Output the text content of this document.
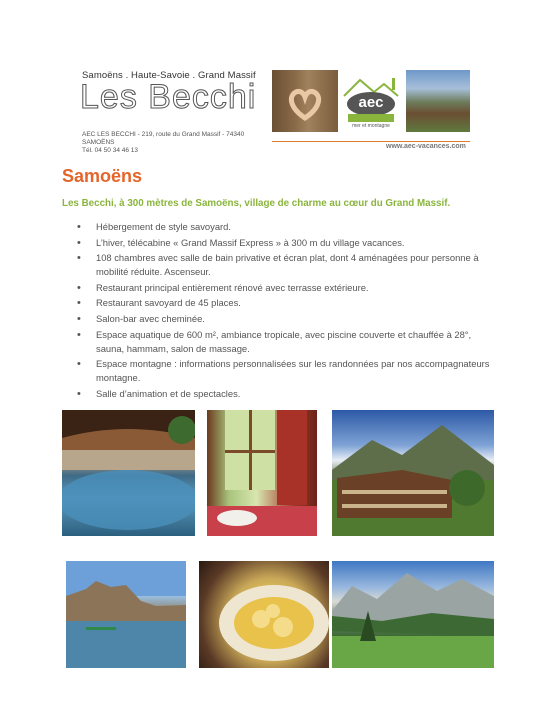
Samoëns . Haute-Savoie . Grand Massif
Les Becchi
AEC LES BECCHI - 219, route du Grand Massif - 74340 SAMOËNS
Tél. 04 50 34 46 13
aec
mer et montagne
www.aec-vacances.com
Samoëns
Les Becchi, à 300 mètres de Samoëns, village de charme au cœur du Grand Massif.
• Hébergement de style savoyard.
• L’hiver, télécabine « Grand Massif Express » à 300 m du village vacances.
• 108 chambres avec salle de bain privative et écran plat, dont 4 aménagées pour personne à mobilité réduite. Ascenseur.
• Restaurant principal entièrement rénové avec terrasse extérieure.
• Restaurant savoyard de 45 places.
• Salon-bar avec cheminée.
• Espace aquatique de 600 m², ambiance tropicale, avec piscine couverte et chauffée à 28°, sauna, hammam, salon de massage.
• Espace montagne : informations personnalisées sur les randonnées par nos accompagnateurs montagne.
• Salle d’animation et de spectacles.
